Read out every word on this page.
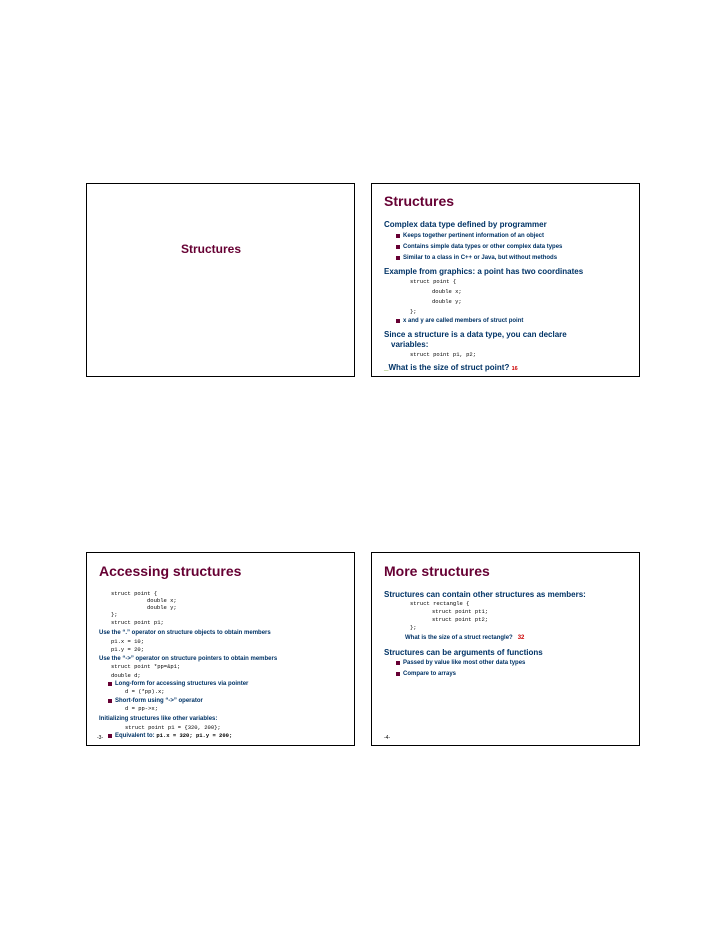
Structures
Structures
Complex data type defined by programmer
Keeps together pertinent information of an object
Contains simple data types or other complex data types
Similar to a class in C++ or Java, but without methods
Example from graphics: a point has two coordinates
struct point {
double x;
double y;
};
x and y are called members of struct point
Since a structure is a data type, you can declare
variables:
struct point p1, p2;
_What is the size of struct point? 16
Accessing structures
struct point {
double x;
double y;
};
struct point p1;
Use the “.” operator on structure objects to obtain members
p1.x = 10;
p1.y = 20;
Use the “->” operator on structure pointers to obtain members
struct point *pp=&p1;
double d;
Long-form for accessing structures via pointer
d = (*pp).x;
Short-form using “->” operator
d = pp->x;
Initializing structures like other variables:
struct point p1 = {320, 200};
Equivalent to: p1.x = 320; p1.y = 200;
-3-
More structures
Structures can contain other structures as members:
struct rectangle {
struct point pt1;
struct point pt2;
};
What is the size of a struct rectangle? 32
Structures can be arguments of functions
Passed by value like most other data types
Compare to arrays
-4-
